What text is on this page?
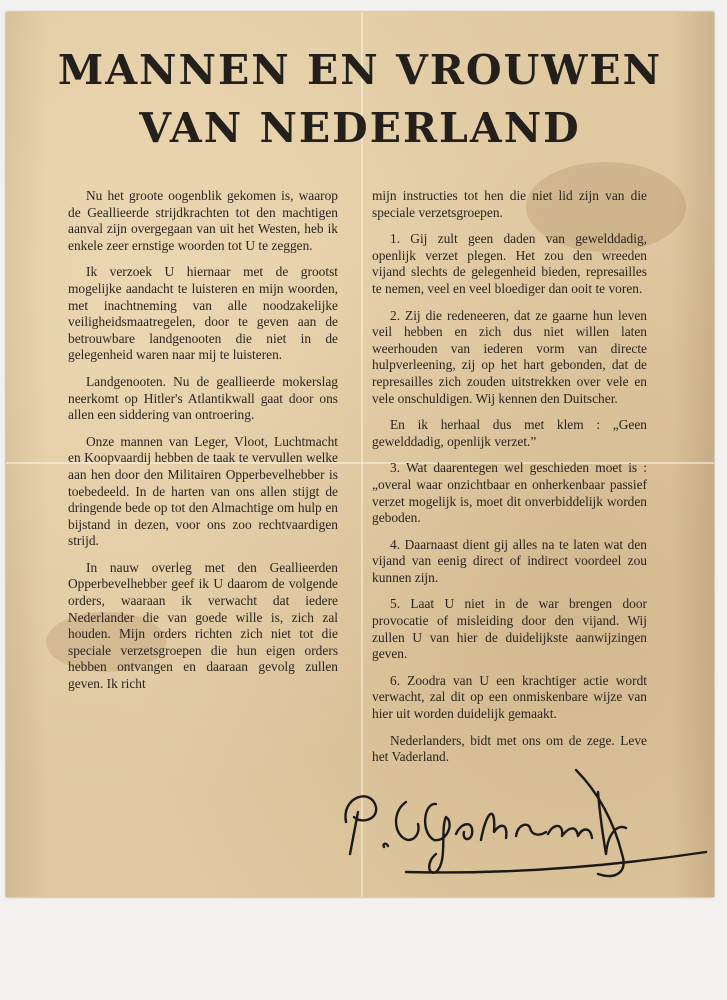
MANNEN EN VROUWEN
VAN NEDERLAND

Nu het groote oogenblik gekomen is, waarop de Geallieerde strijdkrachten tot den machtigen aanval zijn overgegaan van uit het Westen, heb ik enkele zeer ernstige woorden tot U te zeggen.

Ik verzoek U hiernaar met de grootst mogelijke aandacht te luisteren en mijn woorden, met inachtneming van alle noodzakelijke veiligheidsmaatregelen, door te geven aan de betrouwbare landgenooten die niet in de gelegenheid waren naar mij te luisteren.

Landgenooten. Nu de geallieerde mokerslag neerkomt op Hitler's Atlantikwall gaat door ons allen een siddering van ontroering.

Onze mannen van Leger, Vloot, Luchtmacht en Koopvaardij hebben de taak te vervullen welke aan hen door den Militairen Opperbevelhebber is toebedeeld. In de harten van ons allen stijgt de dringende bede op tot den Almachtige om hulp en bijstand in dezen, voor ons zoo rechtvaardigen strijd.

In nauw overleg met den Geallieerden Opperbevelhebber geef ik U daarom de volgende orders, waaraan ik verwacht dat iedere Nederlander die van goede wille is, zich zal houden. Mijn orders richten zich niet tot die speciale verzetsgroepen die hun eigen orders hebben ontvangen en daaraan gevolg zullen geven. Ik richt

mijn instructies tot hen die niet lid zijn van die speciale verzetsgroepen.

1. Gij zult geen daden van gewelddadig, openlijk verzet plegen. Het zou den wreeden vijand slechts de gelegenheid bieden, represailles te nemen, veel en veel bloediger dan ooit te voren.

2. Zij die redeneeren, dat ze gaarne hun leven veil hebben en zich dus niet willen laten weerhouden van iederen vorm van directe hulpverleening, zij op het hart gebonden, dat de represailles zich zouden uitstrekken over vele en vele onschuldigen. Wij kennen den Duitscher.

En ik herhaal dus met klem : „Geen gewelddadig, openlijk verzet.”

3. Wat daarentegen wel geschieden moet is : „overal waar onzichtbaar en onherkenbaar passief verzet mogelijk is, moet dit onverbiddelijk worden geboden.

4. Daarnaast dient gij alles na te laten wat den vijand van eenig direct of indirect voordeel zou kunnen zijn.

5. Laat U niet in de war brengen door provocatie of misleiding door den vijand. Wij zullen U van hier de duidelijkste aanwijzingen geven.

6. Zoodra van U een krachtiger actie wordt verwacht, zal dit op een onmiskenbare wijze van hier uit worden duidelijk gemaakt.

Nederlanders, bidt met ons om de zege. Leve het Vaderland.

~
